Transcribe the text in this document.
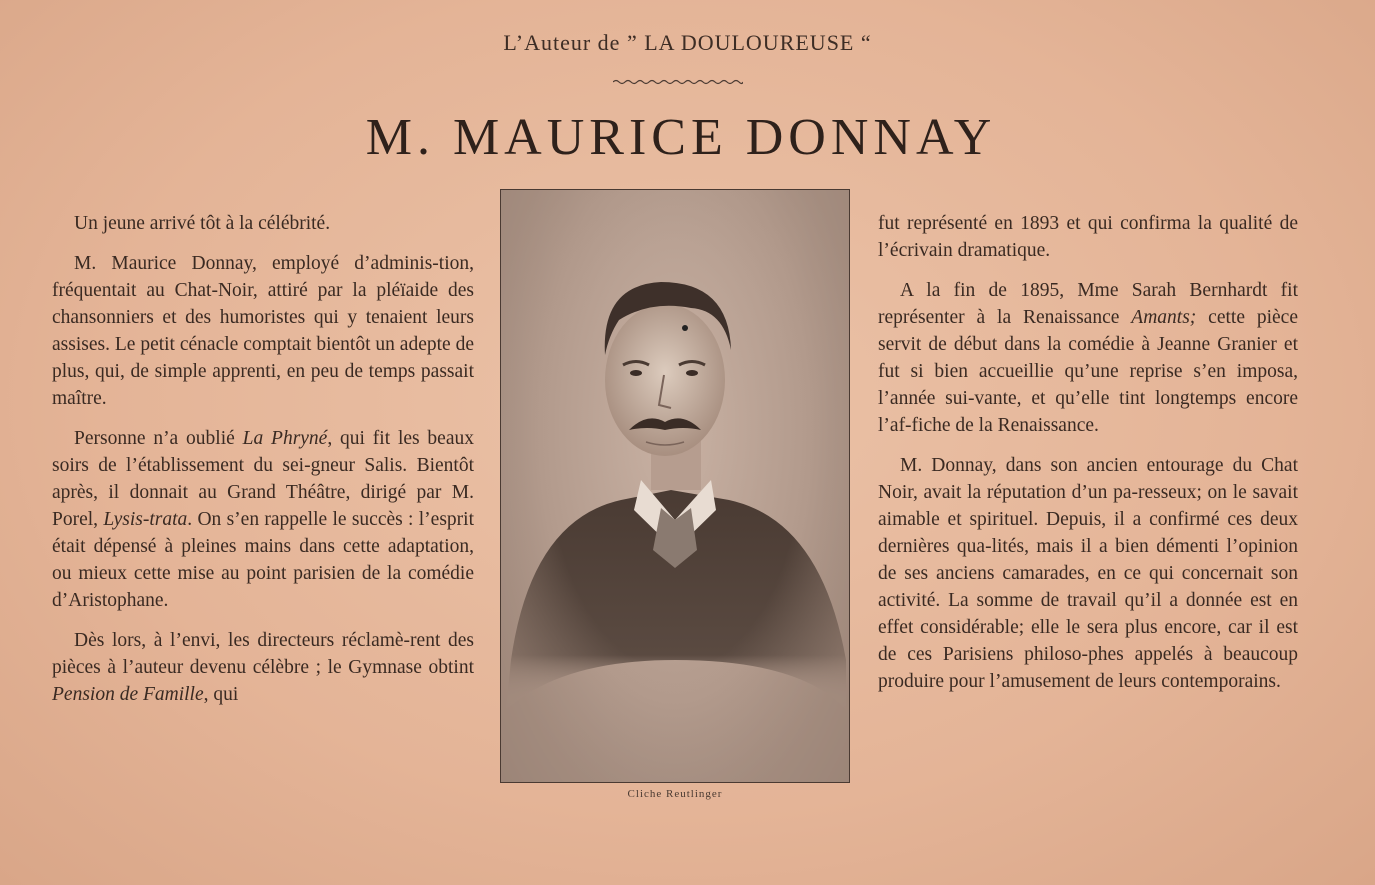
L’Auteur de ” LA DOULOUREUSE “
M. MAURICE DONNAY

Un jeune arrivé tôt à la célébrité.

M. Maurice Donnay, employé d’adminis-tion, fréquentait au Chat-Noir, attiré par la pléïaide des chansonniers et des humoristes qui y tenaient leurs assises. Le petit cénacle comptait bientôt un adepte de plus, qui, de simple apprenti, en peu de temps passait maître.

Personne n’a oublié La Phryné, qui fit les beaux soirs de l’établissement du sei-gneur Salis. Bientôt après, il donnait au Grand Théâtre, dirigé par M. Porel, Lysis-trata. On s’en rappelle le succès : l’esprit était dépensé à pleines mains dans cette adaptation, ou mieux cette mise au point parisien de la comédie d’Aristophane.

Dès lors, à l’envi, les directeurs réclamè-rent des pièces à l’auteur devenu célèbre ; le Gymnase obtint Pension de Famille, qui

Cliche Reutlinger

fut représenté en 1893 et qui confirma la qualité de l’écrivain dramatique.

A la fin de 1895, Mme Sarah Bernhardt fit représenter à la Renaissance Amants; cette pièce servit de début dans la comédie à Jeanne Granier et fut si bien accueillie qu’une reprise s’en imposa, l’année sui-vante, et qu’elle tint longtemps encore l’af-fiche de la Renaissance.

M. Donnay, dans son ancien entourage du Chat Noir, avait la réputation d’un pa-resseux; on le savait aimable et spirituel. Depuis, il a confirmé ces deux dernières qua-lités, mais il a bien démenti l’opinion de ses anciens camarades, en ce qui concernait son activité. La somme de travail qu’il a donnée est en effet considérable; elle le sera plus encore, car il est de ces Parisiens philoso-phes appelés à beaucoup produire pour l’amusement de leurs contemporains.
